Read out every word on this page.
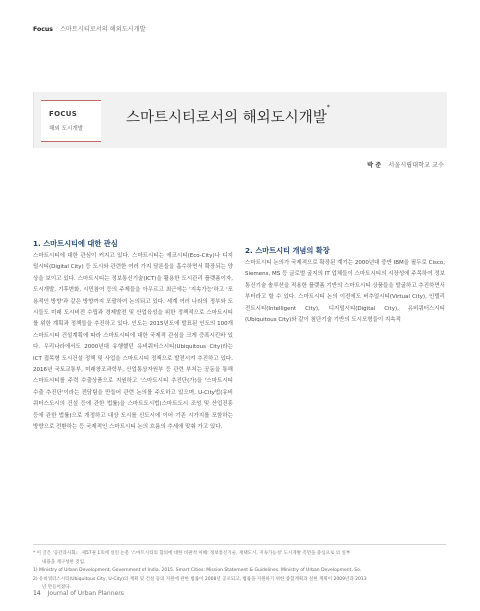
Focus 스마트시티로서의 해외도시개발
FOCUS
해외 도시개발
스마트시티로서의 해외도시개발*
박 준 서울시립대학교 교수
1. 스마트시티에 대한 관심

스마트시티에 대한 관심이 커지고 있다. 스마트시티는 에코시티(Eco-City)나 디지털시티(Digital City) 등 도시와 관련한 여러 가지 담론들을 흡수하면서 확장되는 양상을 보이고 있다. 스마트시티는 정보통신기술(ICT)을 활용한 도시관리 플랫폼이자, 도시개발, 기후변화, 시민참여 등의 주제들을 아우르고 최근에는 '지속가능'하고 '포용적인 방향'과 같은 방향까지 포괄하여 논의되고 있다. 세계 여러 나라의 정부와 도시들도 미래 도시비전 수립과 경제발전 및 산업육성을 위한 정책적으로 스마트시티를 위한 계획과 정책들을 추진하고 있다. 인도는 2015년도에 발표된 인도의 100개 스마트시티 건설계획에 따라 스마트시티에 대한 국제적 관심을 크게 증폭시킨바 있다. 우리나라에서도 2000년대 유행했던 유비쿼터스시티(Ubiquitous City)라는 ICT 접목형 도시건설 정책 및 사업을 스마트시티 정책으로 발전시켜 추진하고 있다. 2016년 국토교통부, 미래창조과학부, 산업통상자원부 등 관련 부처는 공동을 통해 스마트시티를 주력 수출상품으로 지원하고 '스마트시티 추진단(가)을 '스마트시티 수출 추진단'이라는 전담팀을 만들어 관련 논의를 주도하고 있으며, U-City법(유비쿼터스도시의 건설 등에 관한 법률)을 스마트도시법(스마트도시 조성 및 산업진흥 등에 관한 법률)으로 개정하고 대상 도시를 신도시에 이어 기존 시가지를 포함하는 방향으로 전환하는 등 국제적인 스마트시티 논의 흐름의 추세에 맞춰 가고 있다.

2. 스마트시티 개념의 확장

스마트시티 논의가 국제적으로 확장된 계기는 2000년대 중반 IBM을 필두로 Cisco, Siemens, MS 등 글로벌 굴지의 IT 업체들이 스마트시티의 시장성에 주목하여 정보통신기술 솔루션을 적용한 플랫폼 기반의 스마트시티 상품들을 발굴하고 추진하면서부터라고 할 수 있다. 스마트시티 논의 이전에도 버추얼시티(Virtual City), 인텔리전트시티(Intelligent City), 디지털시티(Digital City), 유비쿼터스시티(Ubiquitous City)와 같이 첨단기술 기반의 도시모형들이 지속적

* 이 글은 '공간과사회』 제57권 1호에 실린 논문 '스마트시티의 함의에 대한 비판적 이해: 정보통신기술, 재택도시, 지속가능성' 도시개발 측면을 중심으로 의 일부
내용을 재구성한 것임.
1) Ministry of Urban Development, Government of India. 2015. Smart Cities: Mission Statement & Guidelines. Ministry of Urban Development. So.
2) 유비쿼터스시티(Ubiquitous City, U-City)의 계획 및 건설 등의 지원에 관한 법률이 2008년 공포되고, 법률을 지원하기 위한 종합계획과 실현 계획이 2009년과 2013
년 만들어졌다.
14 Journal of Urban Planners
